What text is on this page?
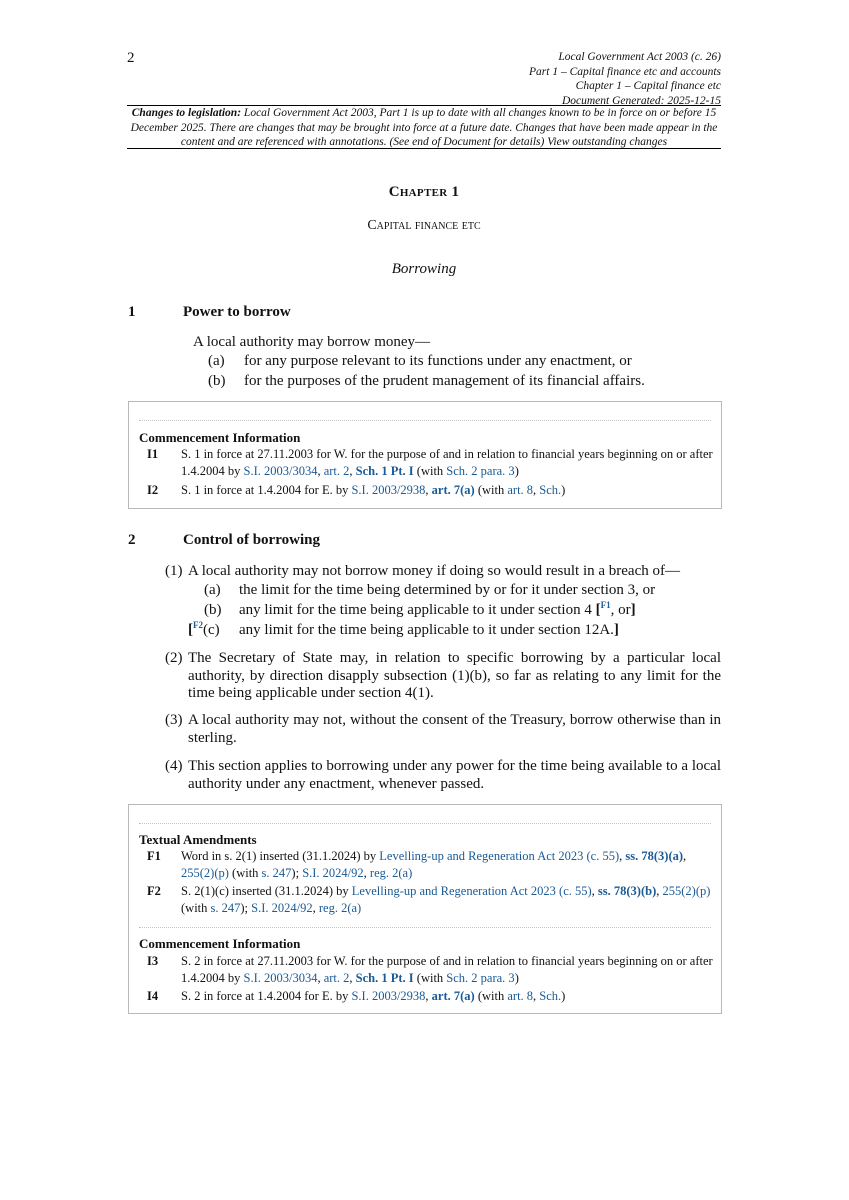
2	Local Government Act 2003 (c. 26)
Part 1 – Capital finance etc and accounts
Chapter 1 – Capital finance etc
Document Generated: 2025-12-15
Changes to legislation: Local Government Act 2003, Part 1 is up to date with all changes known to be in force on or before 15 December 2025. There are changes that may be brought into force at a future date. Changes that have been made appear in the content and are referenced with annotations. (See end of Document for details) View outstanding changes
Chapter 1
Capital finance etc
Borrowing
1	Power to borrow
A local authority may borrow money—
(a) for any purpose relevant to its functions under any enactment, or
(b) for the purposes of the prudent management of its financial affairs.
Commencement Information
I1 S. 1 in force at 27.11.2003 for W. for the purpose of and in relation to financial years beginning on or after 1.4.2004 by S.I. 2003/3034, art. 2, Sch. 1 Pt. I (with Sch. 2 para. 3)
I2 S. 1 in force at 1.4.2004 for E. by S.I. 2003/2938, art. 7(a) (with art. 8, Sch.)
2	Control of borrowing
(1) A local authority may not borrow money if doing so would result in a breach of—
(a) the limit for the time being determined by or for it under section 3, or
(b) any limit for the time being applicable to it under section 4 [$^{F1}$, or]
[$^{F2}$(c) any limit for the time being applicable to it under section 12A.]
(2) The Secretary of State may, in relation to specific borrowing by a particular local authority, by direction disapply subsection (1)(b), so far as relating to any limit for the time being applicable under section 4(1).
(3) A local authority may not, without the consent of the Treasury, borrow otherwise than in sterling.
(4) This section applies to borrowing under any power for the time being available to a local authority under any enactment, whenever passed.
Textual Amendments
F1 Word in s. 2(1) inserted (31.1.2024) by Levelling-up and Regeneration Act 2023 (c. 55), ss. 78(3)(a), 255(2)(p) (with s. 247); S.I. 2024/92, reg. 2(a)
F2 S. 2(1)(c) inserted (31.1.2024) by Levelling-up and Regeneration Act 2023 (c. 55), ss. 78(3)(b), 255(2)(p) (with s. 247); S.I. 2024/92, reg. 2(a)
Commencement Information
I3 S. 2 in force at 27.11.2003 for W. for the purpose of and in relation to financial years beginning on or after 1.4.2004 by S.I. 2003/3034, art. 2, Sch. 1 Pt. I (with Sch. 2 para. 3)
I4 S. 2 in force at 1.4.2004 for E. by S.I. 2003/2938, art. 7(a) (with art. 8, Sch.)
